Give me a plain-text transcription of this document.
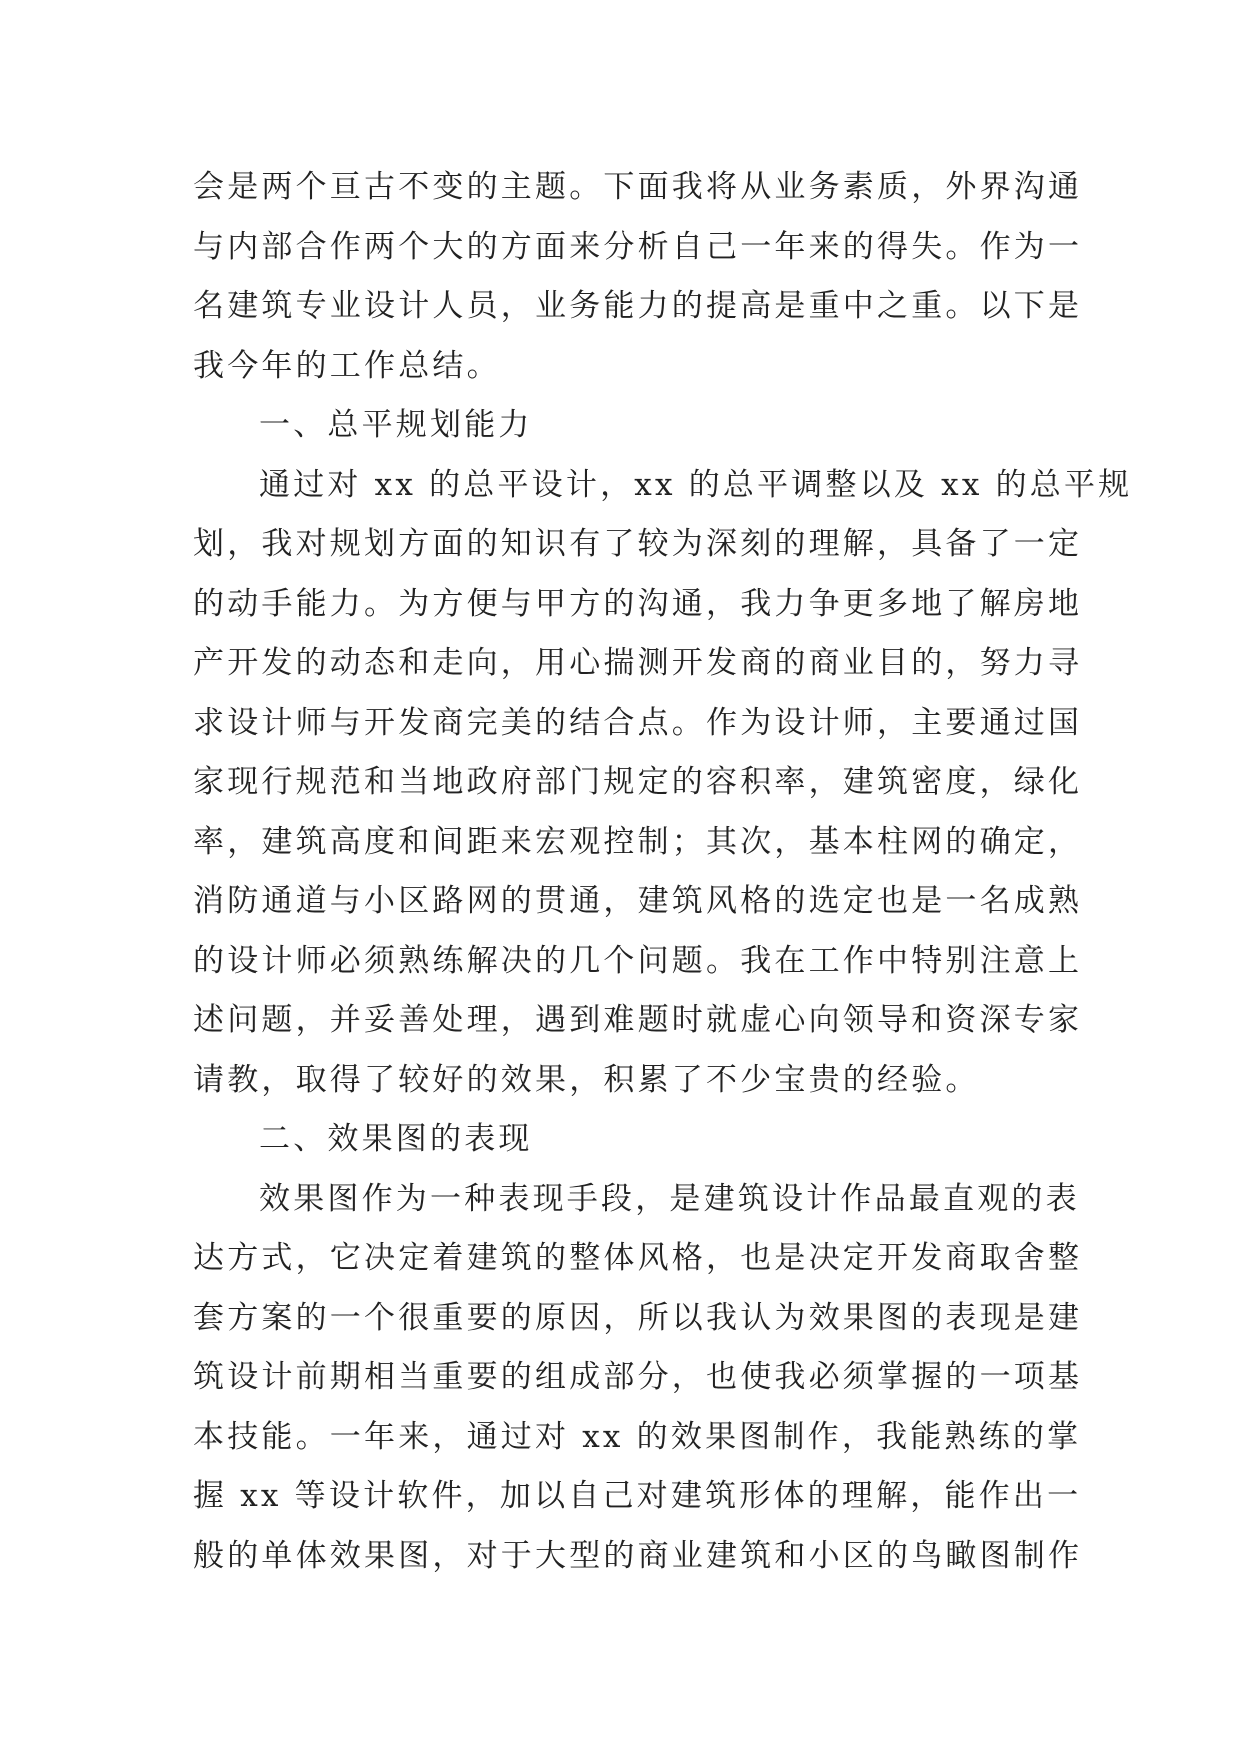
会是两个亘古不变的主题。下面我将从业务素质，外界沟通
与内部合作两个大的方面来分析自己一年来的得失。作为一
名建筑专业设计人员，业务能力的提高是重中之重。以下是
我今年的工作总结。
一、总平规划能力
通过对 xx 的总平设计，xx 的总平调整以及 xx 的总平规
划，我对规划方面的知识有了较为深刻的理解，具备了一定
的动手能力。为方便与甲方的沟通，我力争更多地了解房地
产开发的动态和走向，用心揣测开发商的商业目的，努力寻
求设计师与开发商完美的结合点。作为设计师，主要通过国
家现行规范和当地政府部门规定的容积率，建筑密度，绿化
率，建筑高度和间距来宏观控制；其次，基本柱网的确定，
消防通道与小区路网的贯通，建筑风格的选定也是一名成熟
的设计师必须熟练解决的几个问题。我在工作中特别注意上
述问题，并妥善处理，遇到难题时就虚心向领导和资深专家
请教，取得了较好的效果，积累了不少宝贵的经验。
二、效果图的表现
效果图作为一种表现手段，是建筑设计作品最直观的表
达方式，它决定着建筑的整体风格，也是决定开发商取舍整
套方案的一个很重要的原因，所以我认为效果图的表现是建
筑设计前期相当重要的组成部分，也使我必须掌握的一项基
本技能。一年来，通过对 xx 的效果图制作，我能熟练的掌
握 xx 等设计软件，加以自己对建筑形体的理解，能作出一
般的单体效果图，对于大型的商业建筑和小区的鸟瞰图制作
